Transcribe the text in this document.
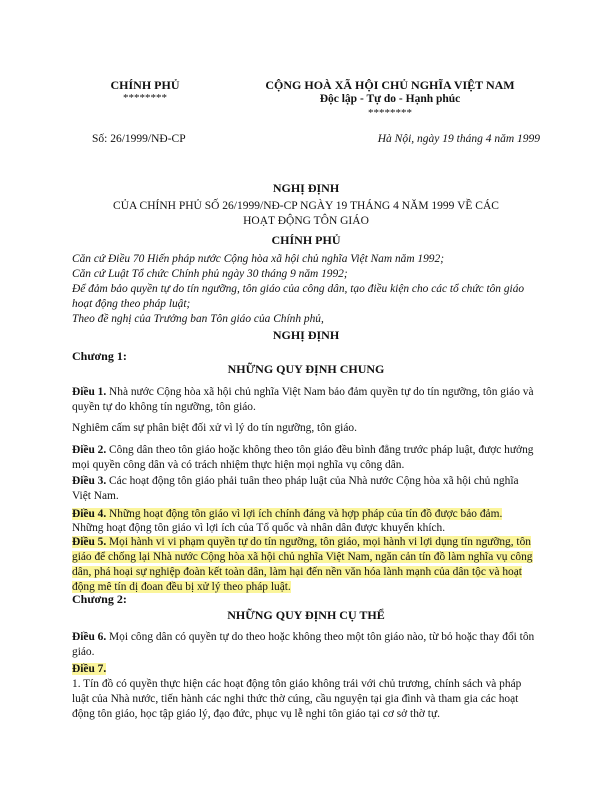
CHÍNH PHỦ
********
CỘNG HOÀ XÃ HỘI CHỦ NGHĨA VIỆT NAM
Độc lập - Tự do - Hạnh phúc
********
Số: 26/1999/NĐ-CP	Hà Nội, ngày 19 tháng 4 năm 1999
NGHỊ ĐỊNH
CỦA CHÍNH PHỦ SỐ 26/1999/NĐ-CP NGÀY 19 THÁNG 4 NĂM 1999 VỀ CÁC HOẠT ĐỘNG TÔN GIÁO
CHÍNH PHỦ

Căn cứ Điều 70 Hiến pháp nước Cộng hòa xã hội chủ nghĩa Việt Nam năm 1992;

Căn cứ Luật Tổ chức Chính phủ ngày 30 tháng 9 năm 1992;

Để đảm bảo quyền tự do tín ngưỡng, tôn giáo của công dân, tạo điều kiện cho các tổ chức tôn giáo hoạt động theo pháp luật;

Theo đề nghị của Trưởng ban Tôn giáo của Chính phủ,

NGHỊ ĐỊNH
Chương 1:
NHỮNG QUY ĐỊNH CHUNG

Điều 1. Nhà nước Cộng hòa xã hội chủ nghĩa Việt Nam bảo đảm quyền tự do tín ngưỡng, tôn giáo và quyền tự do không tín ngưỡng, tôn giáo.

Nghiêm cấm sự phân biệt đối xử vì lý do tín ngưỡng, tôn giáo.

Điều 2. Công dân theo tôn giáo hoặc không theo tôn giáo đều bình đẳng trước pháp luật, được hưởng mọi quyền công dân và có trách nhiệm thực hiện mọi nghĩa vụ công dân.

Điều 3. Các hoạt động tôn giáo phải tuân theo pháp luật của Nhà nước Cộng hòa xã hội chủ nghĩa Việt Nam.

Điều 4. Những hoạt động tôn giáo vì lợi ích chính đáng và hợp pháp của tín đồ được bảo đảm.

Những hoạt động tôn giáo vì lợi ích của Tổ quốc và nhân dân được khuyến khích.

Điều 5. Mọi hành vi vi phạm quyền tự do tín ngưỡng, tôn giáo, mọi hành vi lợi dụng tín ngưỡng, tôn giáo để chống lại Nhà nước Cộng hòa xã hội chủ nghĩa Việt Nam, ngăn cản tín đồ làm nghĩa vụ công dân, phá hoại sự nghiệp đoàn kết toàn dân, làm hại đến nền văn hóa lành mạnh của dân tộc và hoạt động mê tín dị đoan đều bị xử lý theo pháp luật.

Chương 2:
NHỮNG QUY ĐỊNH CỤ THỂ

Điều 6. Mọi công dân có quyền tự do theo hoặc không theo một tôn giáo nào, từ bỏ hoặc thay đổi tôn giáo.

Điều 7.

1. Tín đồ có quyền thực hiện các hoạt động tôn giáo không trái với chủ trương, chính sách và pháp luật của Nhà nước, tiến hành các nghi thức thờ cúng, cầu nguyện tại gia đình và tham gia các hoạt động tôn giáo, học tập giáo lý, đạo đức, phục vụ lễ nghi tôn giáo tại cơ sở thờ tự.
